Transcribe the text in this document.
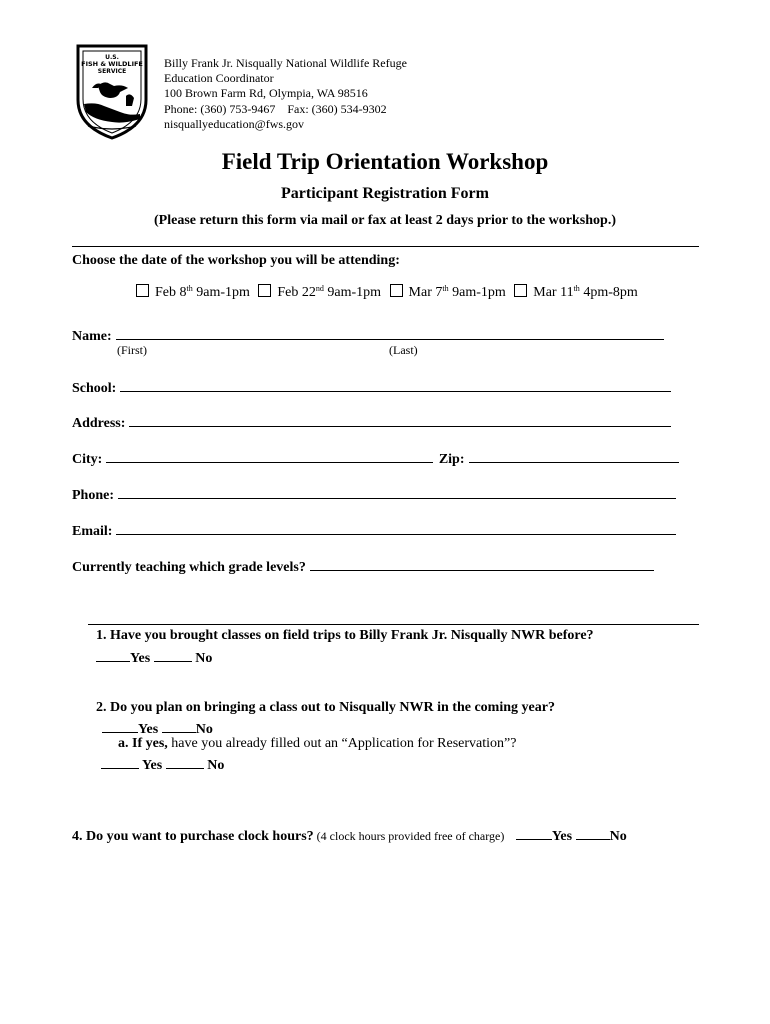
U.S.
FISH & WILDLIFE
SERVICE
Billy Frank Jr. Nisqually National Wildlife Refuge
Education Coordinator
100 Brown Farm Rd, Olympia, WA 98516
Phone: (360) 753-9467    Fax: (360) 534-9302
nisquallyeducation@fws.gov
Field Trip Orientation Workshop
Participant Registration Form
(Please return this form via mail or fax at least 2 days prior to the workshop.)
Choose the date of the workshop you will be attending:
Feb 8th 9am-1pm Feb 22nd 9am-1pm Mar 7th 9am-1pm Mar 11th 4pm-8pm
Name:
(First)	(Last)
School:
Address:
City:	Zip:
Phone:
Email:
Currently teaching which grade levels?
1. Have you brought classes on field trips to Billy Frank Jr. Nisqually NWR before?
Yes	No
2. Do you plan on bringing a class out to Nisqually NWR in the coming year?
Yes	No
a. If yes, have you already filled out an “Application for Reservation”?
Yes	No
4. Do you want to purchase clock hours? (4 clock hours provided free of charge)	Yes	No
